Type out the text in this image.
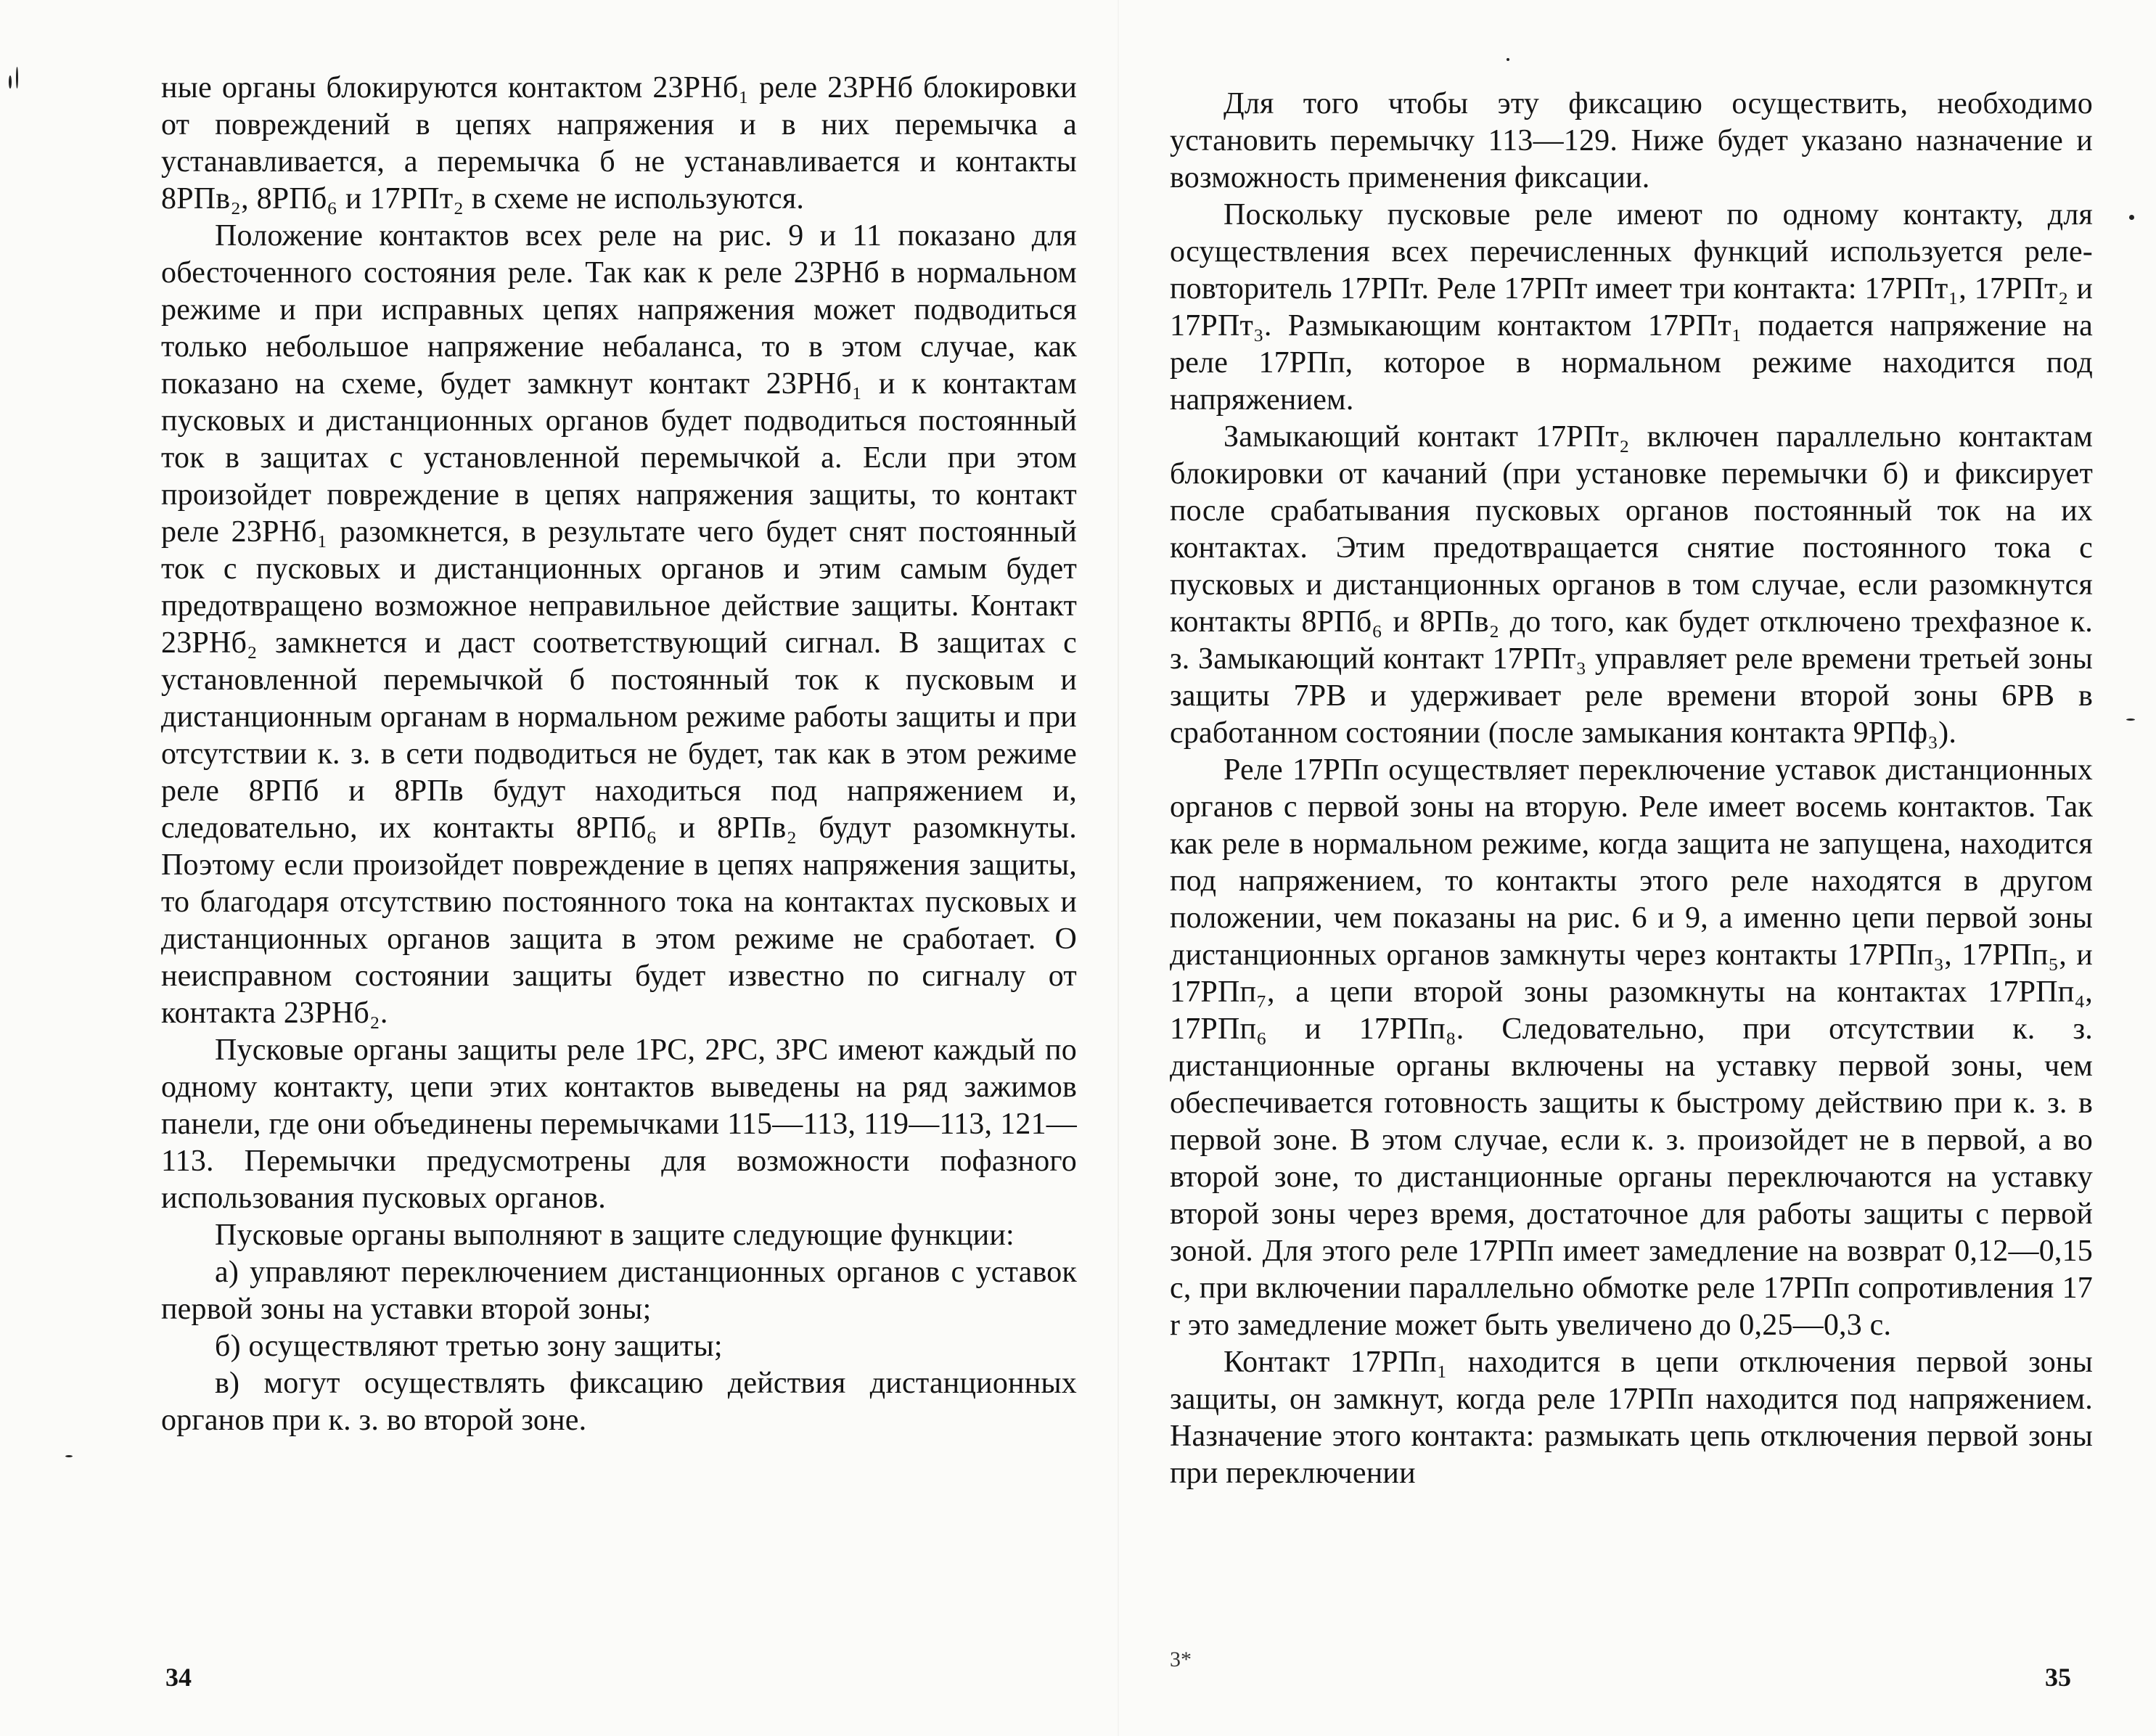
ные органы блокируются контактом 23РНб₁ реле 23РНб блокировки от повреждений в цепях напряжения и в них перемычка а устанавливается, а перемычка б не устанавливается и контакты 8РПв₂, 8РПб₆ и 17РПт₂ в схеме не используются.

Положение контактов всех реле на рис. 9 и 11 показано для обесточенного состояния реле. Так как к реле 23РНб в нормальном режиме и при исправных цепях напряжения может подводиться только небольшое напряжение небаланса, то в этом случае, как показано на схеме, будет замкнут контакт 23РНб₁ и к контактам пусковых и дистанционных органов будет подводиться постоянный ток в защитах с установленной перемычкой а. Если при этом произойдет повреждение в цепях напряжения защиты, то контакт реле 23РНб₁ разомкнется, в результате чего будет снят постоянный ток с пусковых и дистанционных органов и этим самым будет предотвращено возможное неправильное действие защиты. Контакт 23РНб₂ замкнется и даст соответствующий сигнал. В защитах с установленной перемычкой б постоянный ток к пусковым и дистанционным органам в нормальном режиме работы защиты и при отсутствии к. з. в сети подводиться не будет, так как в этом режиме реле 8РПб и 8РПв будут находиться под напряжением и, следовательно, их контакты 8РПб₆ и 8РПв₂ будут разомкнуты. Поэтому если произойдет повреждение в цепях напряжения защиты, то благодаря отсутствию постоянного тока на контактах пусковых и дистанционных органов защита в этом режиме не сработает. О неисправном состоянии защиты будет известно по сигналу от контакта 23РНб₂.

Пусковые органы защиты реле 1PC, 2PC, 3PC имеют каждый по одному контакту, цепи этих контактов выведены на ряд зажимов панели, где они объединены перемычками 115—113, 119—113, 121—113. Перемычки предусмотрены для возможности пофазного использования пусковых органов.

Пусковые органы выполняют в защите следующие функции:

а) управляют переключением дистанционных органов с уставок первой зоны на уставки второй зоны;

б) осуществляют третью зону защиты;

в) могут осуществлять фиксацию действия дистанционных органов при к. з. во второй зоне.

34

Для того чтобы эту фиксацию осуществить, необходимо установить перемычку 113—129. Ниже будет указано назначение и возможность применения фиксации.

Поскольку пусковые реле имеют по одному контакту, для осуществления всех перечисленных функций используется реле-повторитель 17РПт. Реле 17РПт имеет три контакта: 17РПт₁, 17РПт₂ и 17РПт₃. Размыкающим контактом 17РПт₁ подается напряжение на реле 17РПп, которое в нормальном режиме находится под напряжением.

Замыкающий контакт 17РПт₂ включен параллельно контактам блокировки от качаний (при установке перемычки б) и фиксирует после срабатывания пусковых органов постоянный ток на их контактах. Этим предотвращается снятие постоянного тока с пусковых и дистанционных органов в том случае, если разомкнутся контакты 8РПб₆ и 8РПв₂ до того, как будет отключено трехфазное к. з. Замыкающий контакт 17РПт₃ управляет реле времени третьей зоны защиты 7РВ и удерживает реле времени второй зоны 6РВ в сработанном состоянии (после замыкания контакта 9РПф₃).

Реле 17РПп осуществляет переключение уставок дистанционных органов с первой зоны на вторую. Реле имеет восемь контактов. Так как реле в нормальном режиме, когда защита не запущена, находится под напряжением, то контакты этого реле находятся в другом положении, чем показаны на рис. 6 и 9, а именно цепи первой зоны дистанционных органов замкнуты через контакты 17РПп₃, 17РПп₅, и 17РПп₇, а цепи второй зоны разомкнуты на контактах 17РПп₄, 17РПп₆ и 17РПп₈. Следовательно, при отсутствии к. з. дистанционные органы включены на уставку первой зоны, чем обеспечивается готовность защиты к быстрому действию при к. з. в первой зоне. В этом случае, если к. з. произойдет не в первой, а во второй зоне, то дистанционные органы переключаются на уставку второй зоны через время, достаточное для работы защиты с первой зоной. Для этого реле 17РПп имеет замедление на возврат 0,12—0,15 с, при включении параллельно обмотке реле 17РПп сопротивления 17 r это замедление может быть увеличено до 0,25—0,3 с.

Контакт 17РПп₁ находится в цепи отключения первой зоны защиты, он замкнут, когда реле 17РПп находится под напряжением. Назначение этого контакта: размыкать цепь отключения первой зоны при переключении

3*
35
